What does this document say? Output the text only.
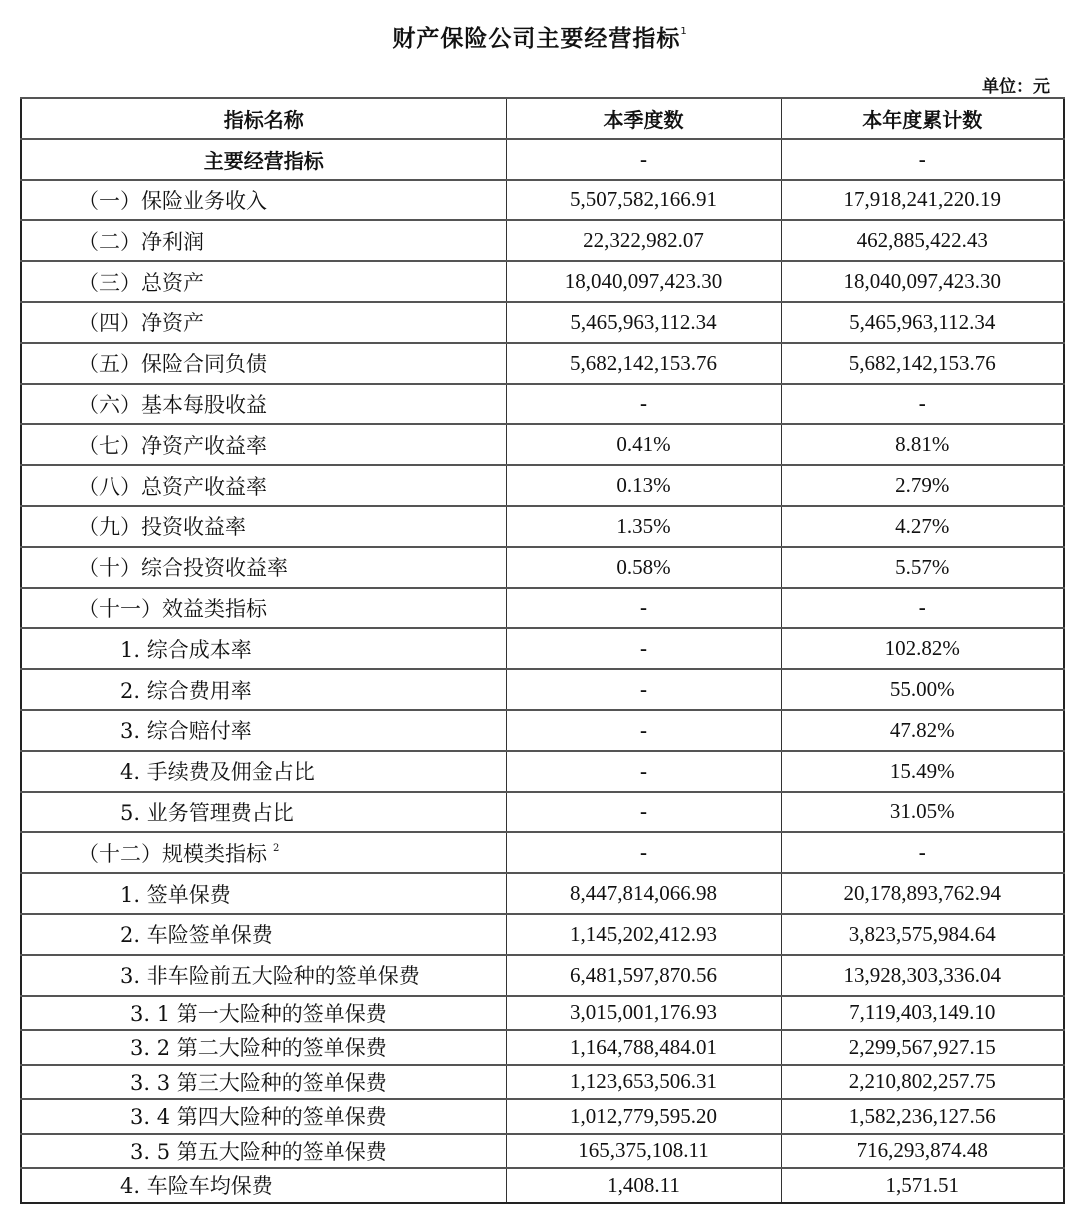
财产保险公司主要经营指标$^1$
单位：元
指标名称	本季度数	本年度累计数
主要经营指标	-	-
（一）保险业务收入	5,507,582,166.91	17,918,241,220.19
（二）净利润	22,322,982.07	462,885,422.43
（三）总资产	18,040,097,423.30	18,040,097,423.30
（四）净资产	5,465,963,112.34	5,465,963,112.34
（五）保险合同负债	5,682,142,153.76	5,682,142,153.76
（六）基本每股收益	-	-
（七）净资产收益率	0.41%	8.81%
（八）总资产收益率	0.13%	2.79%
（九）投资收益率	1.35%	4.27%
（十）综合投资收益率	0.58%	5.57%
（十一）效益类指标	-	-
1. 综合成本率	-	102.82%
2. 综合费用率	-	55.00%
3. 综合赔付率	-	47.82%
4. 手续费及佣金占比	-	15.49%
5. 业务管理费占比	-	31.05%
（十二）规模类指标 $^2$	-	-
1. 签单保费	8,447,814,066.98	20,178,893,762.94
2. 车险签单保费	1,145,202,412.93	3,823,575,984.64
3. 非车险前五大险种的签单保费	6,481,597,870.56	13,928,303,336.04
3. 1 第一大险种的签单保费	3,015,001,176.93	7,119,403,149.10
3. 2 第二大险种的签单保费	1,164,788,484.01	2,299,567,927.15
3. 3 第三大险种的签单保费	1,123,653,506.31	2,210,802,257.75
3. 4 第四大险种的签单保费	1,012,779,595.20	1,582,236,127.56
3. 5 第五大险种的签单保费	165,375,108.11	716,293,874.48
4. 车险车均保费	1,408.11	1,571.51
